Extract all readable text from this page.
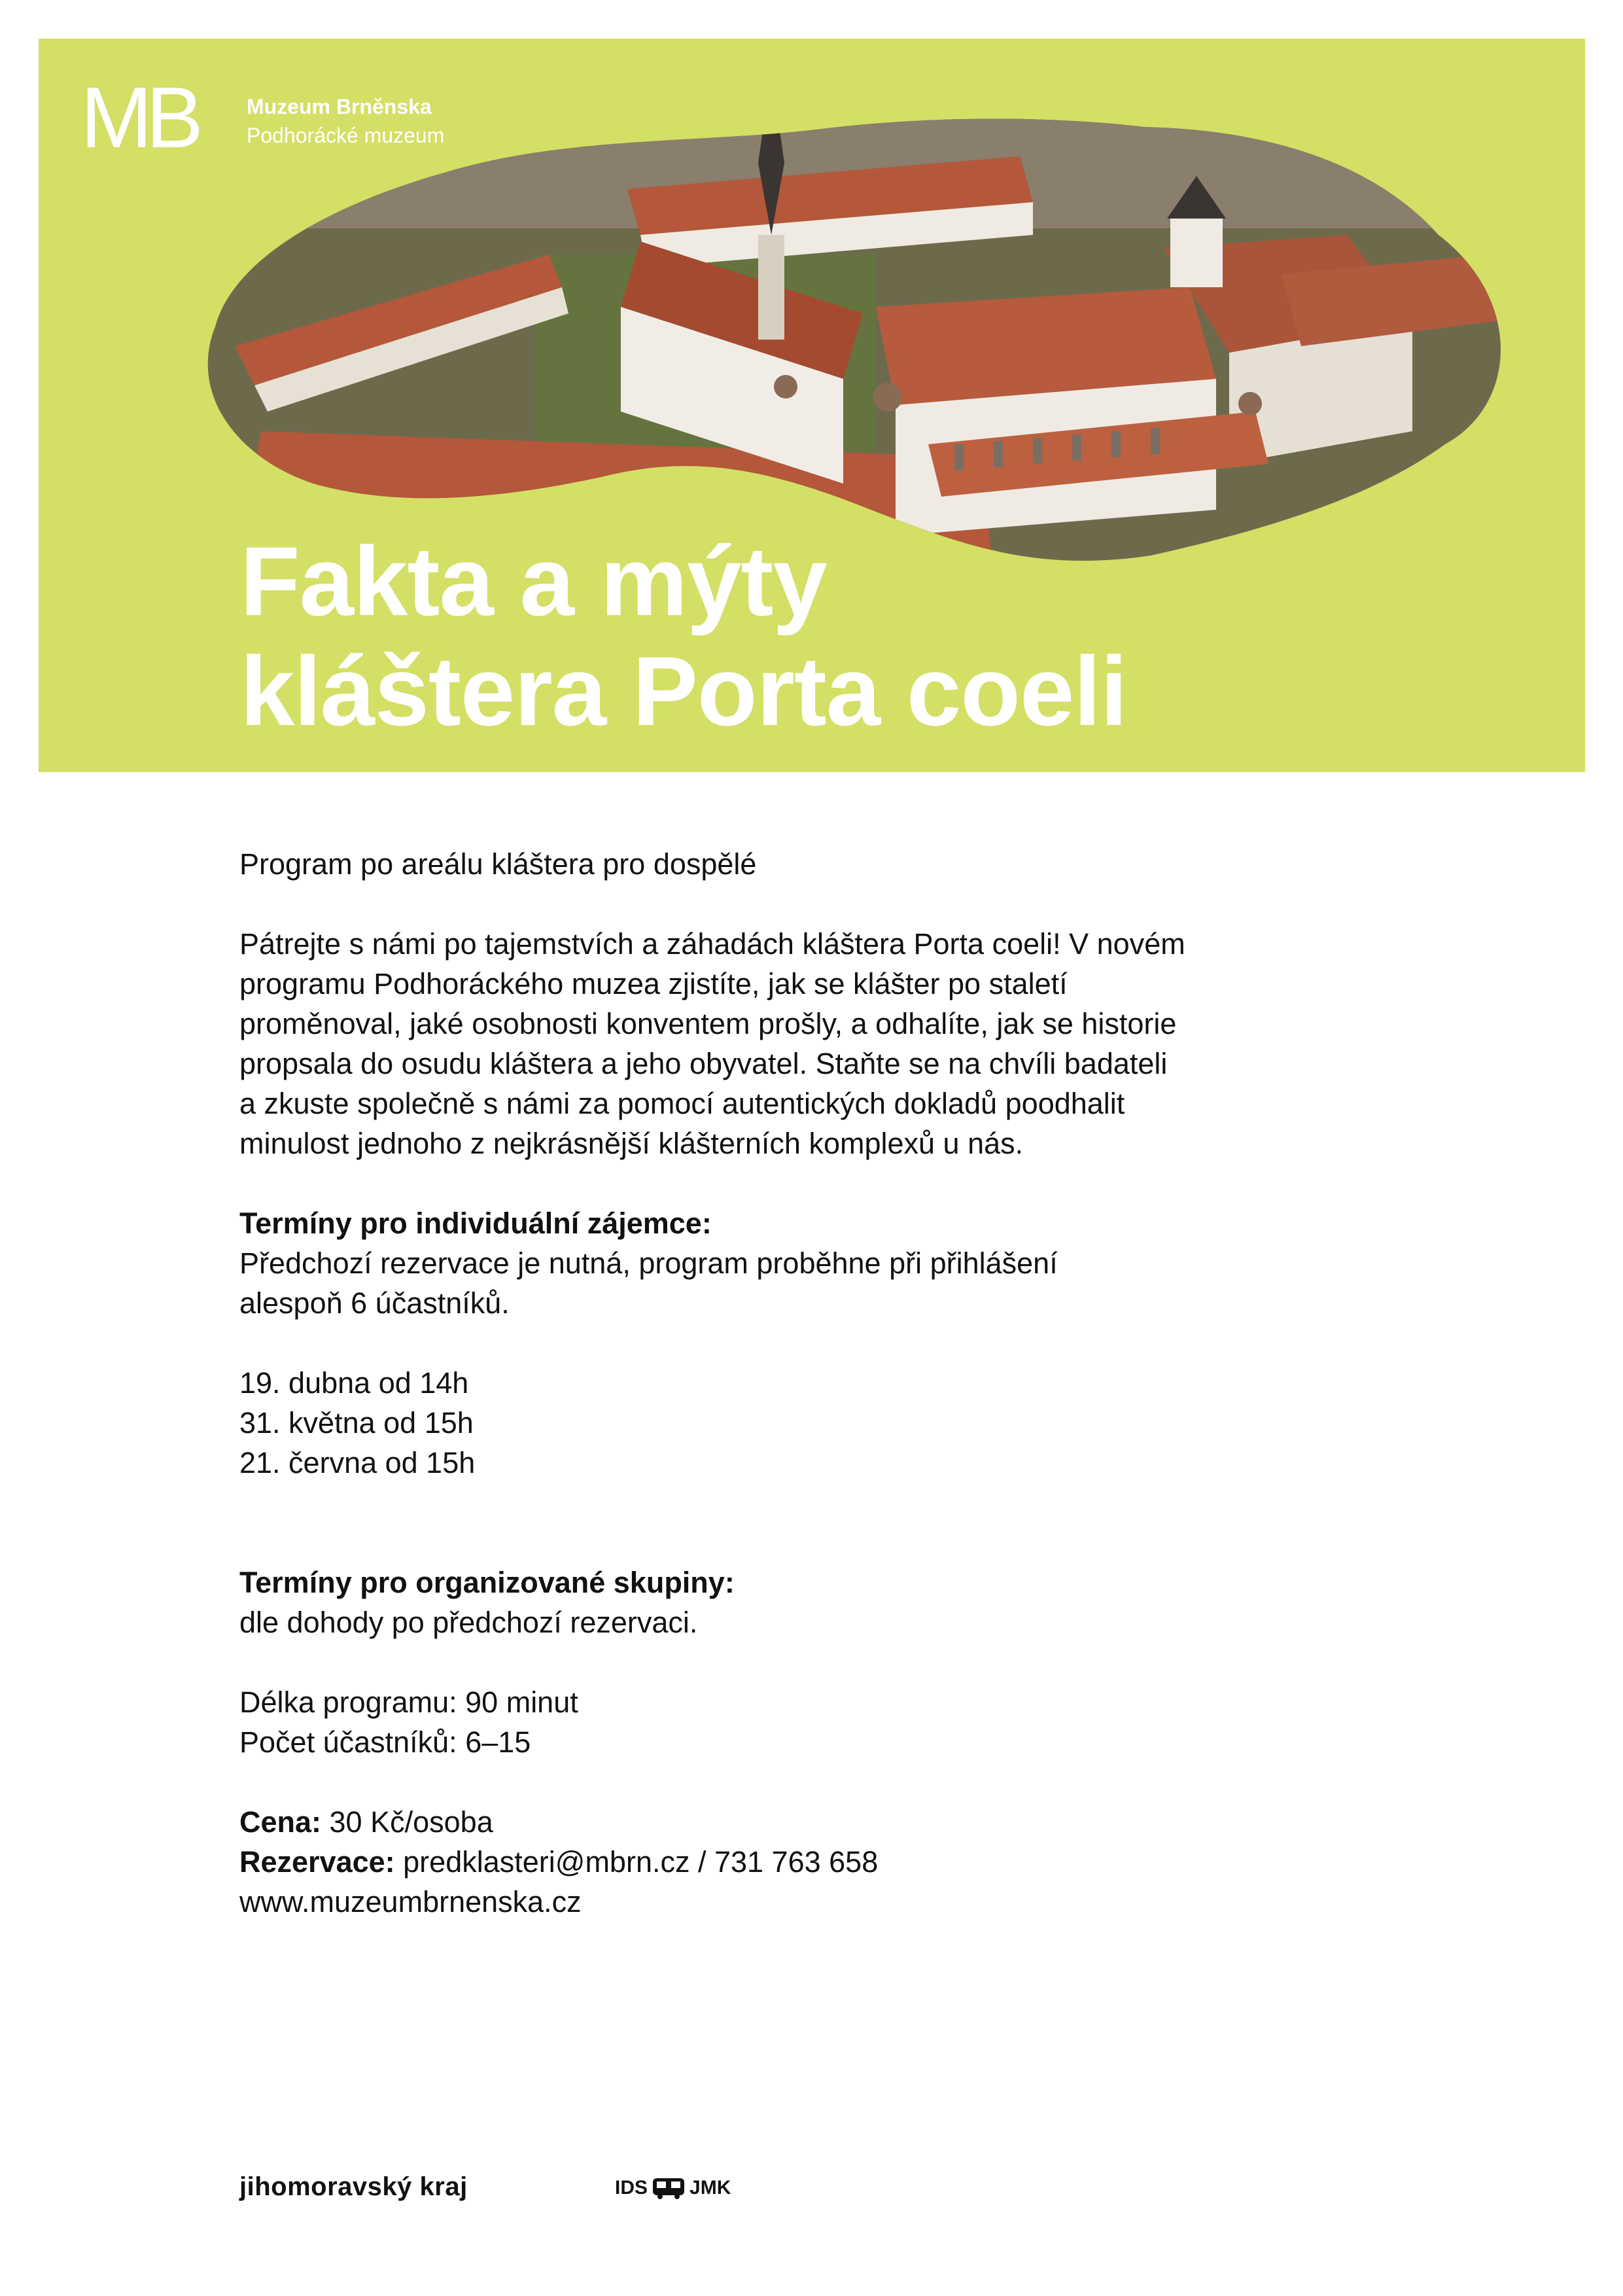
MB Muzeum Brněnska
Podhorácké muzeum
Fakta a mýty
kláštera Porta coeli

Program po areálu kláštera pro dospělé

Pátrejte s námi po tajemstvích a záhadách kláštera Porta coeli! V novém

programu Podhoráckého muzea zjistíte, jak se klášter po staletí

proměnoval, jaké osobnosti konventem prošly, a odhalíte, jak se historie

propsala do osudu kláštera a jeho obyvatel. Staňte se na chvíli badateli

a zkuste společně s námi za pomocí autentických dokladů poodhalit

minulost jednoho z nejkrásnější klášterních komplexů u nás.

Termíny pro individuální zájemce:

Předchozí rezervace je nutná, program proběhne při přihlášení

alespoň 6 účastníků.

19. dubna od 14h

31. května od 15h

21. června od 15h

Termíny pro organizované skupiny:

dle dohody po předchozí rezervaci.

Délka programu: 90 minut

Počet účastníků: 6–15

Cena: 30 Kč/osoba

Rezervace: predklasteri@mbrn.cz / 731 763 658

www.muzeumbrnenska.cz

jihomoravský kraj	IDS JMK
